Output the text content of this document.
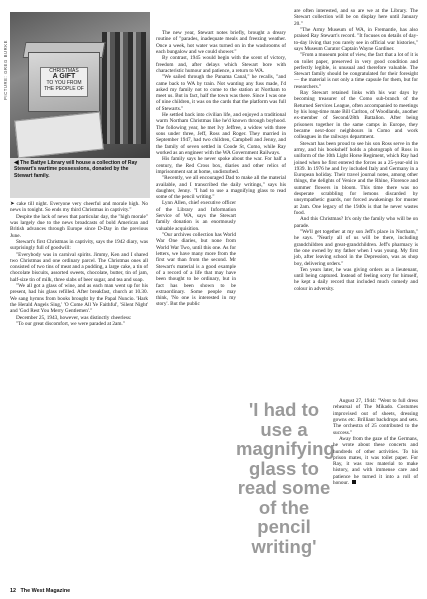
PICTURE: GREG BURKE	CHRISTMAS
A GIFT
TO YOU FROM THE PEOPLE OF
◀ The Battye Library will house a collection of Ray Stewart's wartime possessions, donated by the Stewart family.

➤ cake till night. Everyone very cheerful and morale high. No news in tonight. So ends my third Christmas in captivity."

Despite the lack of news that particular day, the "high morale" was largely due to the news broadcasts of bold American and British advances through Europe since D-Day in the previous June.

Stewart's first Christmas in captivity, says the 1942 diary, was surprisingly full of goodwill:

"Everybody was in carnival spirits. Jimmy, Ken and I shared two Christmas and one ordinary parcel. The Christmas ones all consisted of two tins of meat and a pudding, a large cake, a tin of chocolate biscuits, assorted sweets, chocolate, butter, tin of jam, half-size tin of milk, three slabs of beer sugar, and tea and soap.

"We all got a glass of wine, and as each man went up for his present, had his glass refilled. After breakfast, church at 10.30. We sang hymns from books brought by the Papal Nuncio. 'Hark the Herald Angels Sing,' 'O Come All Ye Faithful', 'Silent Night' and 'God Rest You Merry Gentlemen'."

December 25, 1943, however, was distinctly cheerless:

"To our great discomfort, we were paraded at 2am."

The new year, Stewart notes briefly, brought a dreary routine of "parades, inadequate meals and freezing weather. Once a week, hot water was turned on in the washrooms of each bungalow and we could shower."

By contrast, 1945 would begin with the scent of victory, freedom and, after delays which Stewart bore with characteristic humour and patience, a return to WA.

"We sailed through the Panama Canal," he recalls, "and came back to WA by train. Not wanting any fuss made, I'd asked my family not to come to the station at Northam to meet us. But in fact, half the town was there. Since I was one of nine children, it was on the cards that the platform was full of Stewarts."

He settled back into civilian life, and enjoyed a traditional warm Northam Christmas like he'd known through boyhood. The following year, he met Ivy Jeffree, a widow with three sons under three, Jeff, Ross and Roger. They married in September 1947, had two children, Campbell and Jenny, and the family of seven settled in Coode St, Como, while Ray worked as an engineer with the WA Government Railways.

His family says he never spoke about the war. For half a century, the Red Cross box, diaries and other relics of imprisonment sat at home, undisturbed.

"Recently, we all encouraged Dad to make all the material available, and I transcribed the daily writings," says his daughter, Jenny. "I had to use a magnifying glass to read some of the pencil writing."

Lynn Allen, chief executive officer of the Library and Information Service of WA, says the Stewart family donation is an enormously valuable acquisition.

"Our archives collection has World War One diaries, but none from World War Two, until this one. As for letters, we have many more from the first war than from the second. Mr Stewart's material is a good example of a record of a life that may have been thought to be ordinary, but in fact has been shown to be extraordinary. Some people may think, 'No one is interested in my story'. But the public

are often interested, and so are we at the Library. The Stewart collection will be on display here until January 20."

"The Army Museum of WA, in Fremantle, has also praised Ray Stewart's record. "It focuses on details of day-to-day living that you rarely see in official war histories," says Museum Curator Captain Wayne Gardiner.

"From a museum point of view, the fact that a lot of it is on toilet paper, preserved in very good condition and perfectly legible, is unusual and therefore valuable. The Stewart family should be congratulated for their foresight — the material is not only a time capsule for them, but for researchers."

Ray Stewart retained links with his war days by becoming treasurer of the Como sub-branch of the Returned Services League, often accompanied to meetings by his long-time mate Bill Carlton, of Woodlands, another ex-member of Second/28th Battalion. After being prisoners together in the same camps in Europe, they became next-door neighbours in Como and work colleagues in the railways department.

Stewart has been proud to see his son Ross serve in the army, and his bookshelf holds a photograph of Ross in uniform of the 10th Light Horse Regiment, which Ray had joined when he first entered the forces as a 25-year-old in 1939. In 1976 he and Ivy included Italy and Germany in a European holiday. Their travel journal notes, among other things, the delights of Venice and the Rhine, Florence and summer flowers in bloom. This time there was no desperate scrabbling for lemons discarded by unsympathetic guards, nor forced awakenings for muster at 2am. One legacy of the 1940s is that he never wastes food.

And this Christmas? It's only the family who will be on parade.

"We'll get together at my son Jeff's place in Northam," he says. "Nearly all of us will be there, including grandchildren and great-grandchildren. Jeff's pharmacy is the one owned by my father when I was young. My first job, after leaving school in the Depression, was as shop boy, delivering orders."

Ten years later, he was giving orders as a lieutenant, until being captured. Instead of feeling sorry for himself, he kept a daily record that included much comedy and colour in adversity.

'I had to use a magnifying glass to read some of the pencil writing'

August 27, 1944: "Went to full dress rehearsal of The Mikado. Costumes improvised out of sheets, dressing gowns etc. Brilliant backdrops and sets. The orchestra of 25 contributed to the success."

Away from the gaze of the Germans, he wrote about these concerts and hundreds of other activities. To his prison mates, it was toilet paper. For Ray, it was raw material to make history, and with immense care and patience he turned it into a roll of honour.

12 The West Magazine
